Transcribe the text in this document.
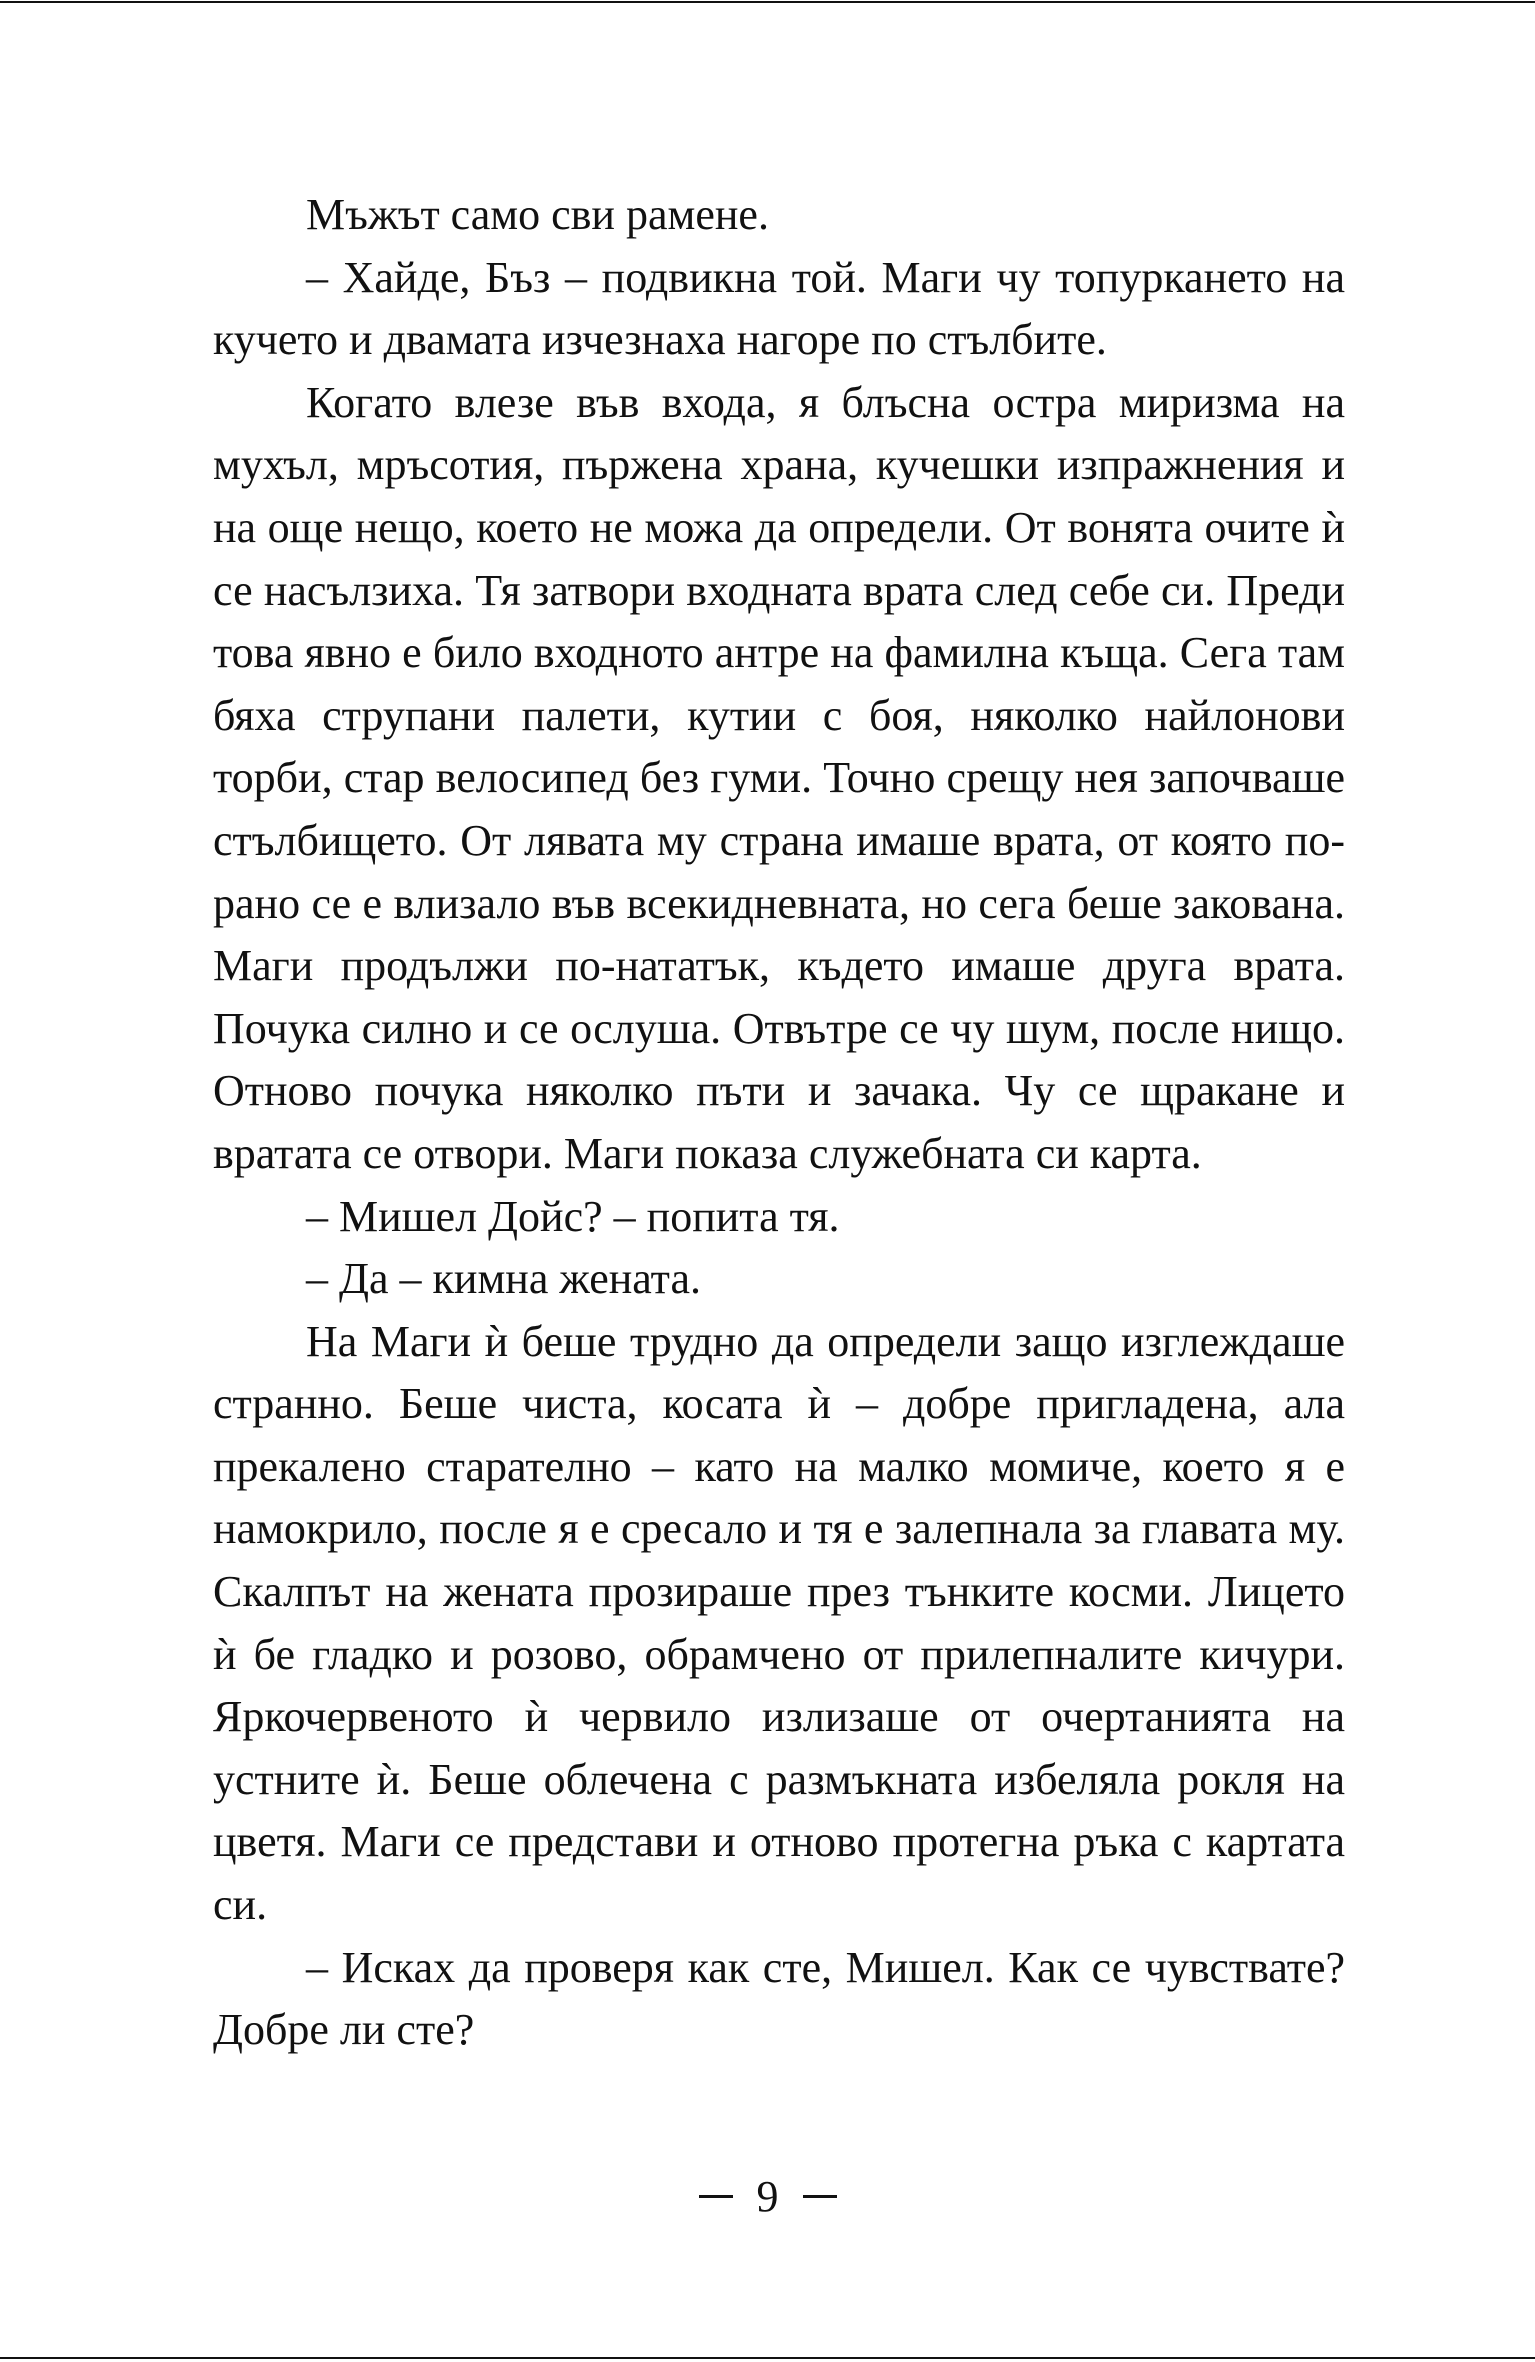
Мъжът само сви рамене.

– Хайде, Бъз – подвикна той. Маги чу топуркането на кучето и двамата изчезнаха нагоре по стълбите.

Когато влезе във входа, я блъсна остра миризма на мухъл, мръсотия, пържена храна, кучешки изпражнения и на още нещо, което не можа да определи. От вонята очите ѝ се насълзиха. Тя затвори входната врата след себе си. Преди това явно е било входното антре на фамилна къща. Сега там бяха струпани палети, кутии с боя, няколко найлонови торби, стар велосипед без гуми. Точно срещу нея започваше стълбището. От лявата му страна имаше врата, от която по-рано се е влизало във всекидневната, но сега беше закована. Маги продължи по-нататък, където имаше друга врата. Почука силно и се ослуша. Отвътре се чу шум, после нищо. Отново почука няколко пъти и зачака. Чу се щракане и вратата се отвори. Маги показа служебната си карта.

– Мишел Дойс? – попита тя.

– Да – кимна жената.

На Маги ѝ беше трудно да определи защо изглеждаше странно. Беше чиста, косата ѝ – добре пригладена, ала прекалено старателно – като на малко момиче, което я е намокрило, после я е сресало и тя е залепнала за главата му. Скалпът на жената прозираше през тънките косми. Лицето ѝ бе гладко и розово, обрамчено от прилепналите кичури. Яркочервеното ѝ червило излизаше от очертанията на устните ѝ. Беше облечена с размъкната избеляла рокля на цветя. Маги се представи и отново протегна ръка с картата си.

– Исках да проверя как сте, Мишел. Как се чувствате? Добре ли сте?

9
